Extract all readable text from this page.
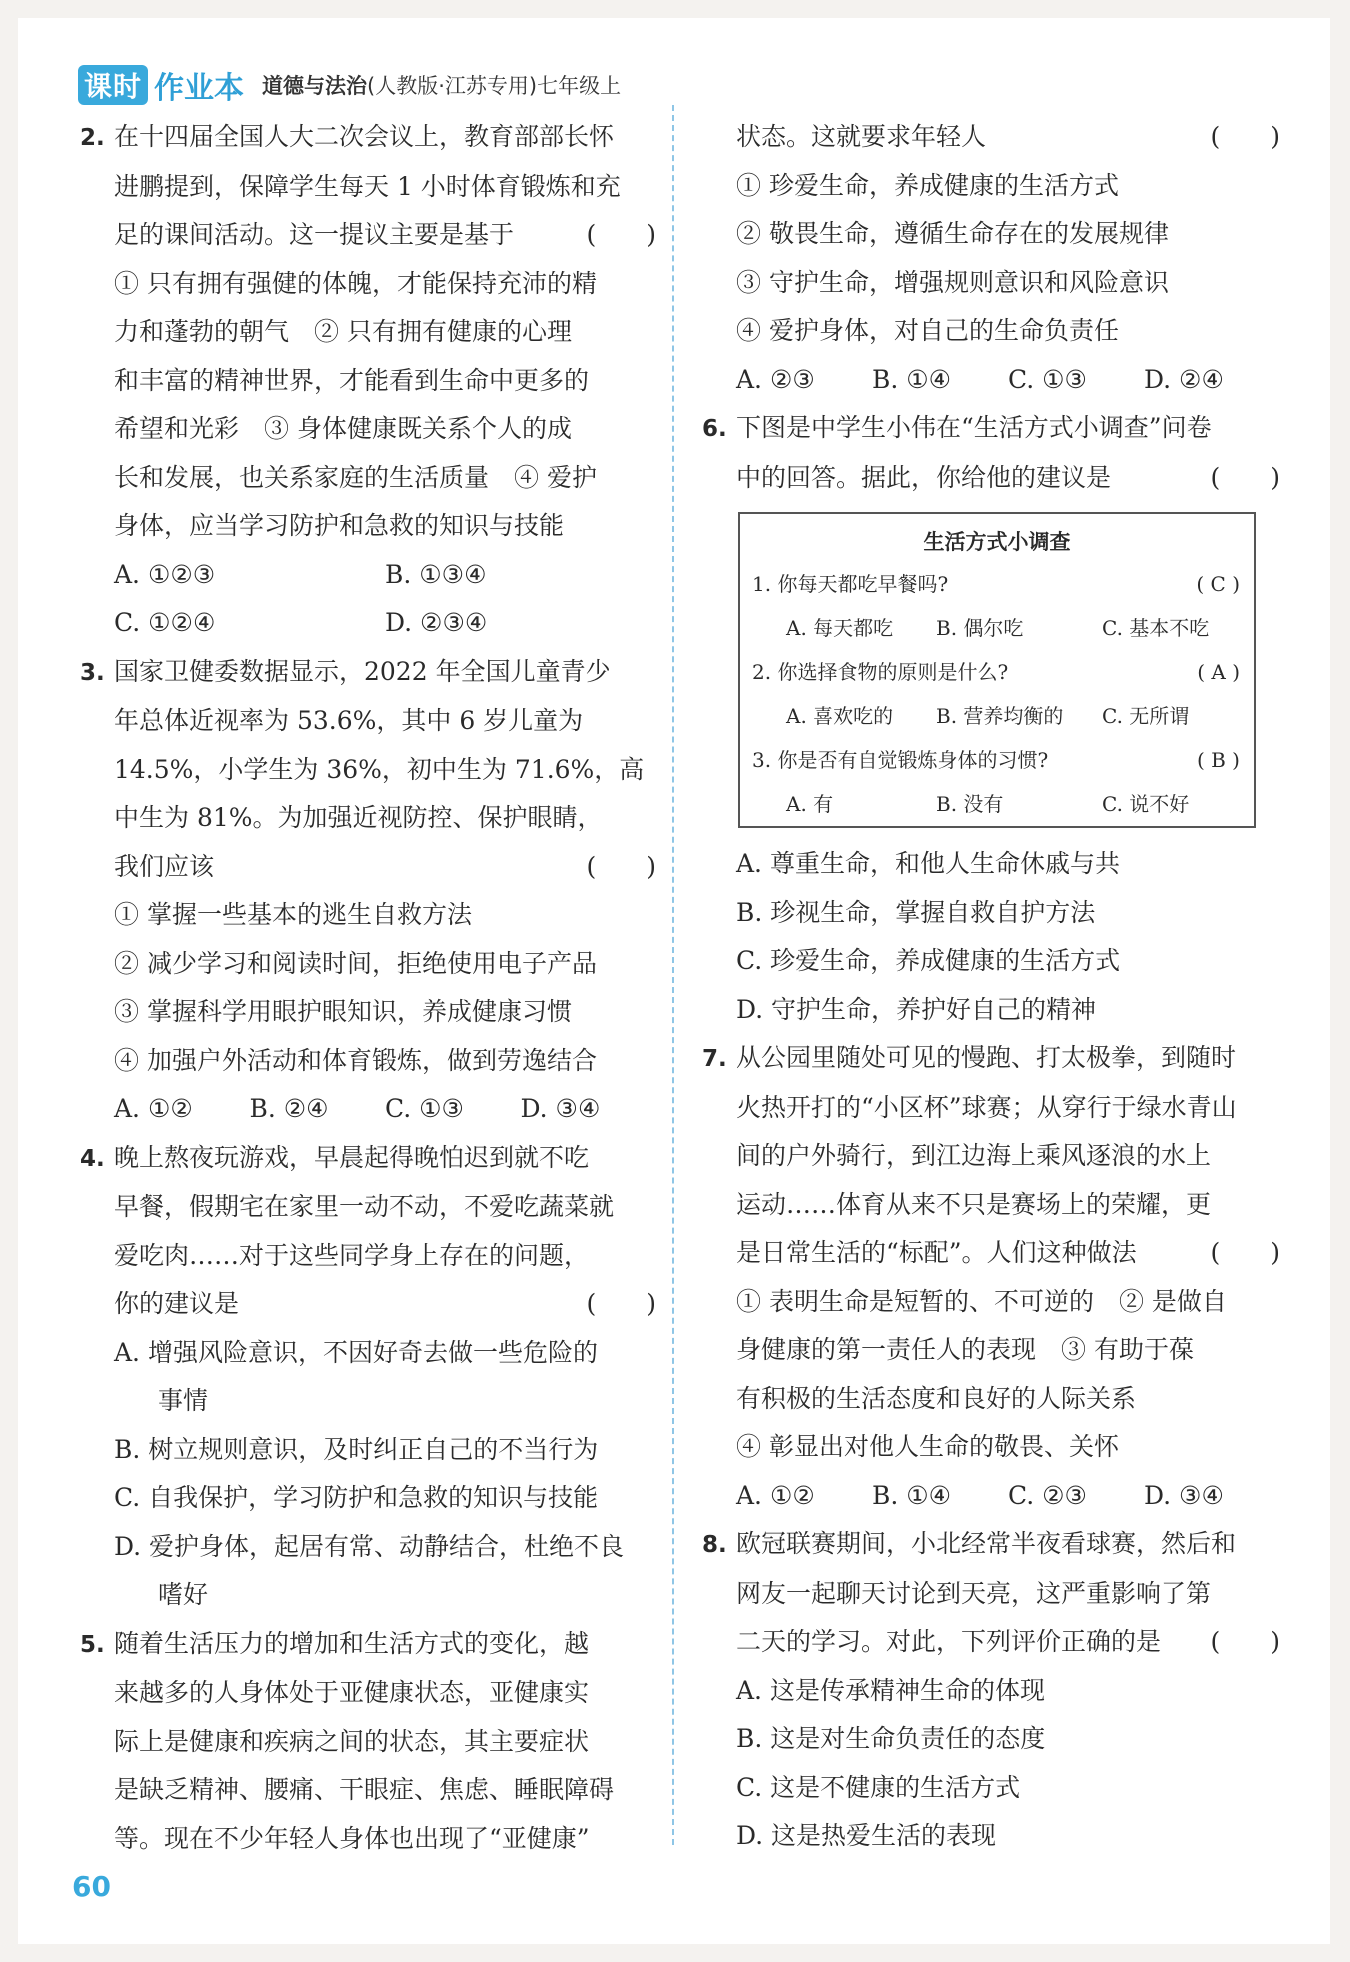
课时 作业本 道德与法治(人教版·江苏专用)七年级上
2. 在十四届全国人大二次会议上，教育部部长怀
进鹏提到，保障学生每天 1 小时体育锻炼和充
足的课间活动。这一提议主要是基于	(　　)
① 只有拥有强健的体魄，才能保持充沛的精
力和蓬勃的朝气　② 只有拥有健康的心理
和丰富的精神世界，才能看到生命中更多的
希望和光彩　③ 身体健康既关系个人的成
长和发展，也关系家庭的生活质量　④ 爱护
身体，应当学习防护和急救的知识与技能
A. ①②③	B. ①③④
C. ①②④	D. ②③④
3. 国家卫健委数据显示，2022 年全国儿童青少
年总体近视率为 53.6%，其中 6 岁儿童为
14.5%，小学生为 36%，初中生为 71.6%，高
中生为 81%。为加强近视防控、保护眼睛，
我们应该	(　　)
① 掌握一些基本的逃生自救方法
② 减少学习和阅读时间，拒绝使用电子产品
③ 掌握科学用眼护眼知识，养成健康习惯
④ 加强户外活动和体育锻炼，做到劳逸结合
A. ①②	B. ②④	C. ①③	D. ③④
4. 晚上熬夜玩游戏，早晨起得晚怕迟到就不吃
早餐，假期宅在家里一动不动，不爱吃蔬菜就
爱吃肉……对于这些同学身上存在的问题，
你的建议是	(　　)
A. 增强风险意识，不因好奇去做一些危险的
事情
B. 树立规则意识，及时纠正自己的不当行为
C. 自我保护，学习防护和急救的知识与技能
D. 爱护身体，起居有常、动静结合，杜绝不良
嗜好
5. 随着生活压力的增加和生活方式的变化，越
来越多的人身体处于亚健康状态，亚健康实
际上是健康和疾病之间的状态，其主要症状
是缺乏精神、腰痛、干眼症、焦虑、睡眠障碍
等。现在不少年轻人身体也出现了“亚健康”
状态。这就要求年轻人	(　　)
① 珍爱生命，养成健康的生活方式
② 敬畏生命，遵循生命存在的发展规律
③ 守护生命，增强规则意识和风险意识
④ 爱护身体，对自己的生命负责任
A. ②③	B. ①④	C. ①③	D. ②④
6. 下图是中学生小伟在“生活方式小调查”问卷
中的回答。据此，你给他的建议是	(　　)
生活方式小调查
1. 你每天都吃早餐吗?	( C )
A. 每天都吃	B. 偶尔吃	C. 基本不吃
2. 你选择食物的原则是什么?	( A )
A. 喜欢吃的	B. 营养均衡的	C. 无所谓
3. 你是否有自觉锻炼身体的习惯?	( B )
A. 有	B. 没有	C. 说不好
A. 尊重生命，和他人生命休戚与共
B. 珍视生命，掌握自救自护方法
C. 珍爱生命，养成健康的生活方式
D. 守护生命，养护好自己的精神
7. 从公园里随处可见的慢跑、打太极拳，到随时
火热开打的“小区杯”球赛；从穿行于绿水青山
间的户外骑行，到江边海上乘风逐浪的水上
运动……体育从来不只是赛场上的荣耀，更
是日常生活的“标配”。人们这种做法	(　　)
① 表明生命是短暂的、不可逆的　② 是做自
身健康的第一责任人的表现　③ 有助于葆
有积极的生活态度和良好的人际关系
④ 彰显出对他人生命的敬畏、关怀
A. ①②	B. ①④	C. ②③	D. ③④
8. 欧冠联赛期间，小北经常半夜看球赛，然后和
网友一起聊天讨论到天亮，这严重影响了第
二天的学习。对此，下列评价正确的是 (　　)
A. 这是传承精神生命的体现
B. 这是对生命负责任的态度
C. 这是不健康的生活方式
D. 这是热爱生活的表现
60
